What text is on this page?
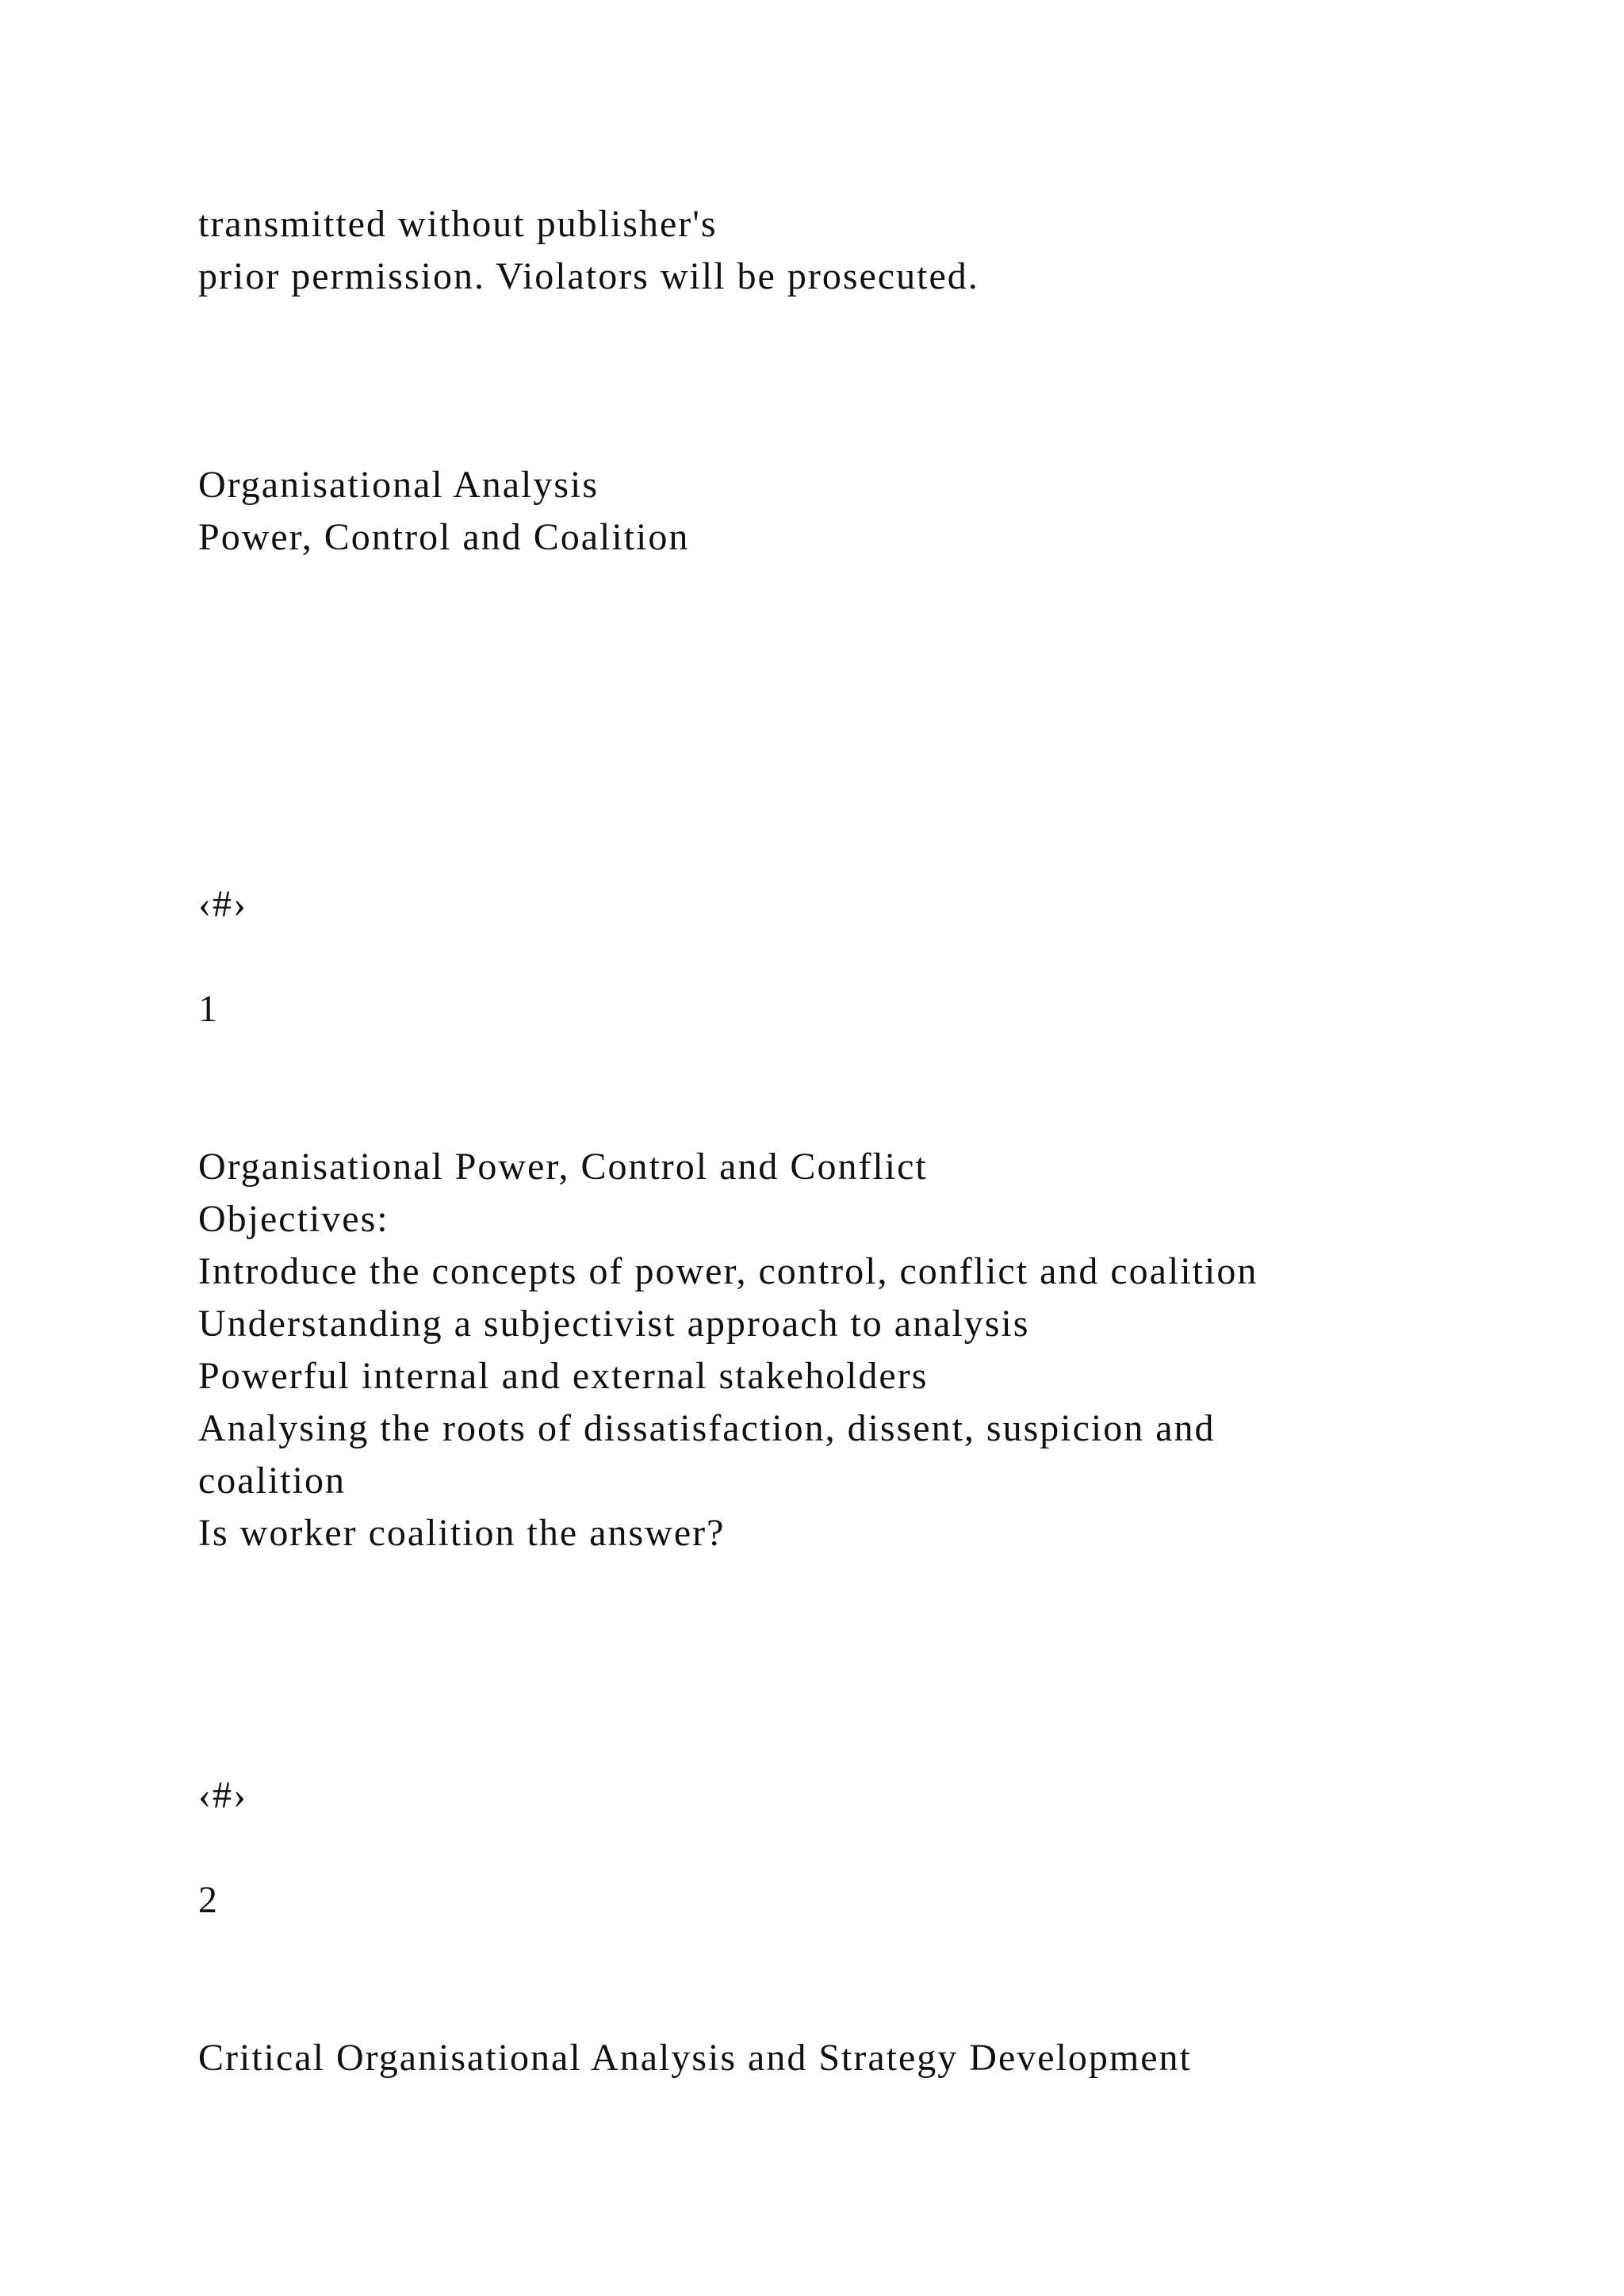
transmitted without publisher's

prior permission. Violators will be prosecuted.

Organisational Analysis

Power, Control and Coalition

‹#›

1

Organisational Power, Control and Conflict

Objectives:

Introduce the concepts of power, control, conflict and coalition

Understanding a subjectivist approach to analysis

Powerful internal and external stakeholders

Analysing the roots of dissatisfaction, dissent, suspicion and

coalition

Is worker coalition the answer?

‹#›

2

Critical Organisational Analysis and Strategy Development
